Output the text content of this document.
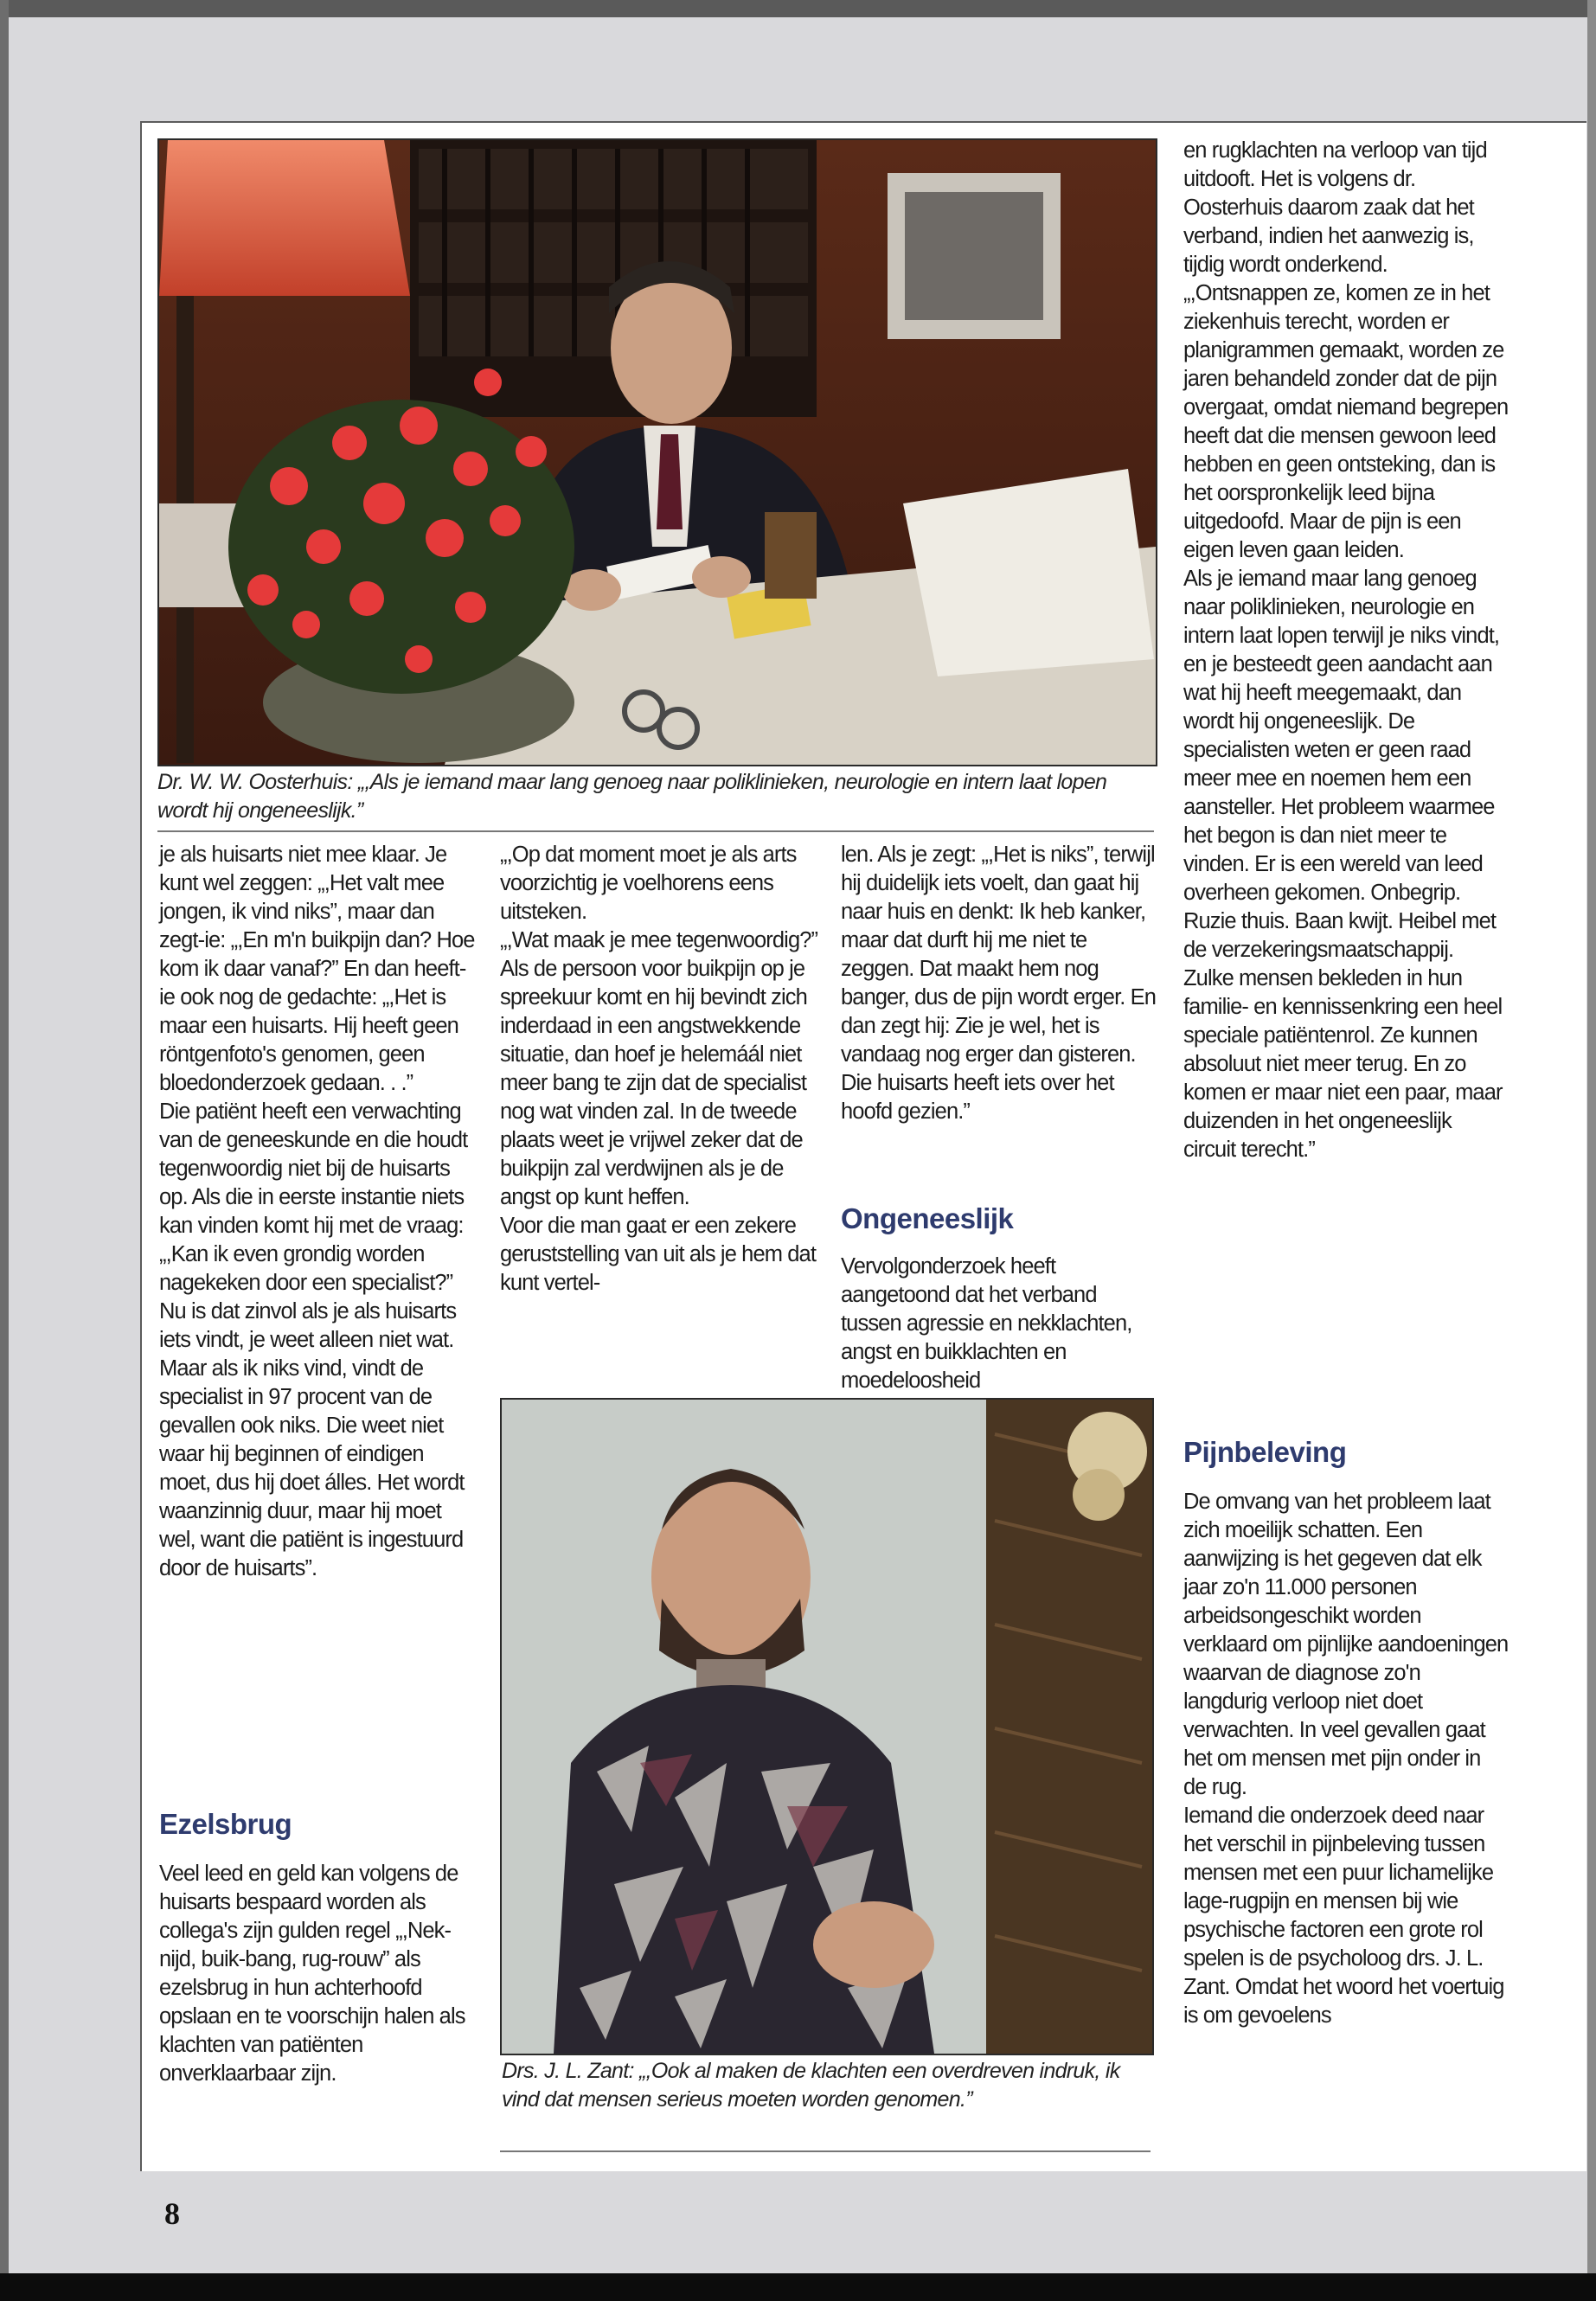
Dr. W. W. Oosterhuis: „,Als je iemand maar lang genoeg naar poliklinieken, neurologie en intern laat lopen wordt hij ongeneeslijk.”

je als huisarts niet mee klaar. Je kunt wel zeggen: „,Het valt mee jongen, ik vind niks”, maar dan zegt-ie: „,En m'n buikpijn dan? Hoe kom ik daar vanaf?” En dan heeft-ie ook nog de gedachte: „,Het is maar een huisarts. Hij heeft geen röntgenfoto's genomen, geen bloedonderzoek gedaan. . .”

Die patiënt heeft een verwachting van de geneeskunde en die houdt tegenwoordig niet bij de huisarts op. Als die in eerste instantie niets kan vinden komt hij met de vraag: „,Kan ik even grondig worden nagekeken door een specialist?” Nu is dat zinvol als je als huisarts iets vindt, je weet alleen niet wat. Maar als ik niks vind, vindt de specialist in 97 procent van de gevallen ook niks. Die weet niet waar hij beginnen of eindigen moet, dus hij doet álles. Het wordt waanzinnig duur, maar hij moet wel, want die patiënt is ingestuurd door de huisarts”.

Ezelsbrug

Veel leed en geld kan volgens de huisarts bespaard worden als collega's zijn gulden regel „,Nek-nijd, buik-bang, rug-rouw” als ezelsbrug in hun achterhoofd opslaan en te voorschijn halen als klachten van patiënten onverklaarbaar zijn.

„,Op dat moment moet je als arts voorzichtig je voelhorens eens uitsteken.

„,Wat maak je mee tegenwoordig?” Als de persoon voor buikpijn op je spreekuur komt en hij bevindt zich inderdaad in een angstwekkende situatie, dan hoef je helemáál niet meer bang te zijn dat de specialist nog wat vinden zal. In de tweede plaats weet je vrijwel zeker dat de buikpijn zal verdwijnen als je de angst op kunt heffen.

Voor die man gaat er een zekere geruststelling van uit als je hem dat kunt vertel-

len. Als je zegt: „,Het is niks”, terwijl hij duidelijk iets voelt, dan gaat hij naar huis en denkt: Ik heb kanker, maar dat durft hij me niet te zeggen. Dat maakt hem nog banger, dus de pijn wordt erger. En dan zegt hij: Zie je wel, het is vandaag nog erger dan gisteren. Die huisarts heeft iets over het hoofd gezien.”

Ongeneeslijk

Vervolgonderzoek heeft aangetoond dat het verband tussen agressie en nekklachten, angst en buikklachten en moedeloosheid

Drs. J. L. Zant: „,Ook al maken de klachten een overdreven indruk, ik vind dat mensen serieus moeten worden genomen.”

en rugklachten na verloop van tijd uitdooft. Het is volgens dr. Oosterhuis daarom zaak dat het verband, indien het aanwezig is, tijdig wordt onderkend.

„,Ontsnappen ze, komen ze in het ziekenhuis terecht, worden er planigrammen gemaakt, worden ze jaren behandeld zonder dat de pijn overgaat, omdat niemand begrepen heeft dat die mensen gewoon leed hebben en geen ontsteking, dan is het oorspronkelijk leed bijna uitgedoofd. Maar de pijn is een eigen leven gaan leiden.

Als je iemand maar lang genoeg naar poliklinieken, neurologie en intern laat lopen terwijl je niks vindt, en je besteedt geen aandacht aan wat hij heeft meegemaakt, dan wordt hij ongeneeslijk. De specialisten weten er geen raad meer mee en noemen hem een aansteller. Het probleem waarmee het begon is dan niet meer te vinden. Er is een wereld van leed overheen gekomen. Onbegrip. Ruzie thuis. Baan kwijt. Heibel met de verzekeringsmaatschappij. Zulke mensen bekleden in hun familie- en kennissenkring een heel speciale patiëntenrol. Ze kunnen absoluut niet meer terug. En zo komen er maar niet een paar, maar duizenden in het ongeneeslijk circuit terecht.”

Pijnbeleving

De omvang van het probleem laat zich moeilijk schatten. Een aanwijzing is het gegeven dat elk jaar zo'n 11.000 personen arbeidsongeschikt worden verklaard om pijnlijke aandoeningen waarvan de diagnose zo'n langdurig verloop niet doet verwachten. In veel gevallen gaat het om mensen met pijn onder in de rug.

Iemand die onderzoek deed naar het verschil in pijnbeleving tussen mensen met een puur lichamelijke lage-rugpijn en mensen bij wie psychische factoren een grote rol spelen is de psycholoog drs. J. L. Zant. Omdat het woord het voertuig is om gevoelens

8
